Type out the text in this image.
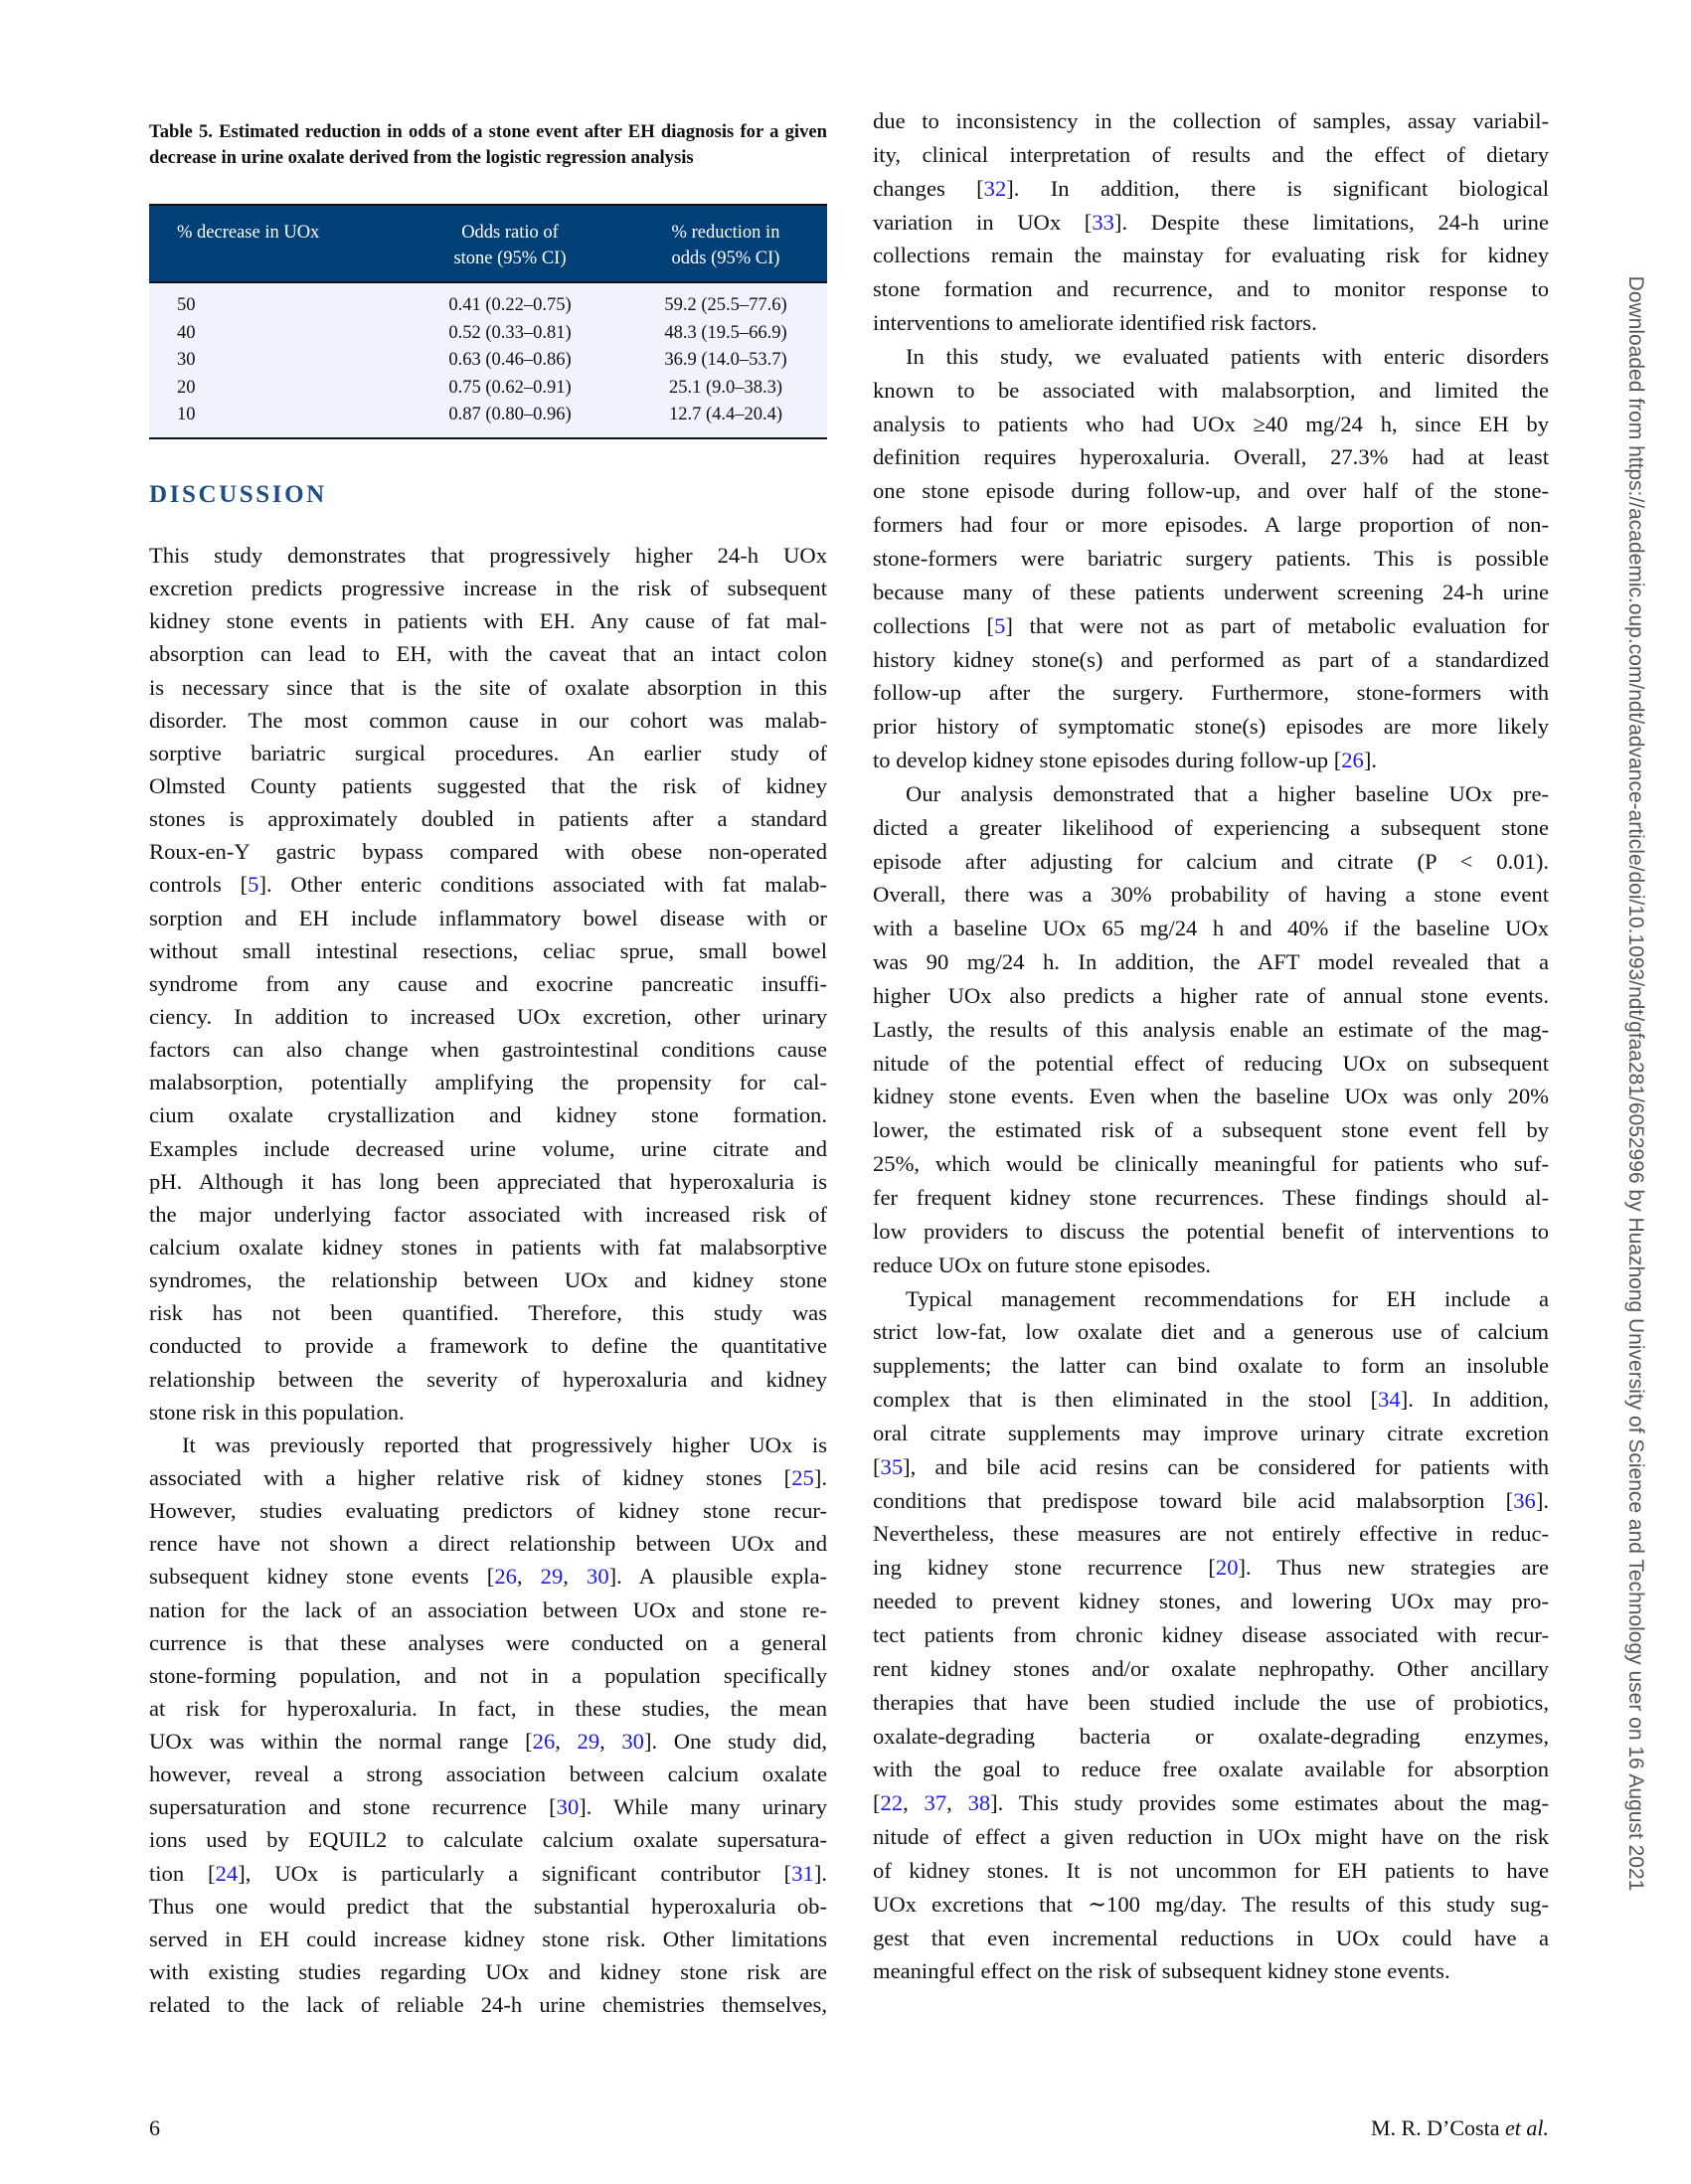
Table 5. Estimated reduction in odds of a stone event after EH diagnosis for a given decrease in urine oxalate derived from the logistic regression analysis
% decrease in UOx	Odds ratio of
stone (95% CI)	% reduction in
odds (95% CI)
50	0.41 (0.22–0.75)	59.2 (25.5–77.6)
40	0.52 (0.33–0.81)	48.3 (19.5–66.9)
30	0.63 (0.46–0.86)	36.9 (14.0–53.7)
20	0.75 (0.62–0.91)	25.1 (9.0–38.3)
10	0.87 (0.80–0.96)	12.7 (4.4–20.4)
DISCUSSION
This study demonstrates that progressively higher 24-h UOx
excretion predicts progressive increase in the risk of subsequent
kidney stone events in patients with EH. Any cause of fat mal-
absorption can lead to EH, with the caveat that an intact colon
is necessary since that is the site of oxalate absorption in this
disorder. The most common cause in our cohort was malab-
sorptive bariatric surgical procedures. An earlier study of
Olmsted County patients suggested that the risk of kidney
stones is approximately doubled in patients after a standard
Roux-en-Y gastric bypass compared with obese non-operated
controls [5]. Other enteric conditions associated with fat malab-
sorption and EH include inflammatory bowel disease with or
without small intestinal resections, celiac sprue, small bowel
syndrome from any cause and exocrine pancreatic insuffi-
ciency. In addition to increased UOx excretion, other urinary
factors can also change when gastrointestinal conditions cause
malabsorption, potentially amplifying the propensity for cal-
cium oxalate crystallization and kidney stone formation.
Examples include decreased urine volume, urine citrate and
pH. Although it has long been appreciated that hyperoxaluria is
the major underlying factor associated with increased risk of
calcium oxalate kidney stones in patients with fat malabsorptive
syndromes, the relationship between UOx and kidney stone
risk has not been quantified. Therefore, this study was
conducted to provide a framework to define the quantitative
relationship between the severity of hyperoxaluria and kidney
stone risk in this population.
It was previously reported that progressively higher UOx is
associated with a higher relative risk of kidney stones [25].
However, studies evaluating predictors of kidney stone recur-
rence have not shown a direct relationship between UOx and
subsequent kidney stone events [26, 29, 30]. A plausible expla-
nation for the lack of an association between UOx and stone re-
currence is that these analyses were conducted on a general
stone-forming population, and not in a population specifically
at risk for hyperoxaluria. In fact, in these studies, the mean
UOx was within the normal range [26, 29, 30]. One study did,
however, reveal a strong association between calcium oxalate
supersaturation and stone recurrence [30]. While many urinary
ions used by EQUIL2 to calculate calcium oxalate supersatura-
tion [24], UOx is particularly a significant contributor [31].
Thus one would predict that the substantial hyperoxaluria ob-
served in EH could increase kidney stone risk. Other limitations
with existing studies regarding UOx and kidney stone risk are
related to the lack of reliable 24-h urine chemistries themselves,
due to inconsistency in the collection of samples, assay variabil-
ity, clinical interpretation of results and the effect of dietary
changes [32]. In addition, there is significant biological
variation in UOx [33]. Despite these limitations, 24-h urine
collections remain the mainstay for evaluating risk for kidney
stone formation and recurrence, and to monitor response to
interventions to ameliorate identified risk factors.
In this study, we evaluated patients with enteric disorders
known to be associated with malabsorption, and limited the
analysis to patients who had UOx ≥40 mg/24 h, since EH by
definition requires hyperoxaluria. Overall, 27.3% had at least
one stone episode during follow-up, and over half of the stone-
formers had four or more episodes. A large proportion of non-
stone-formers were bariatric surgery patients. This is possible
because many of these patients underwent screening 24-h urine
collections [5] that were not as part of metabolic evaluation for
history kidney stone(s) and performed as part of a standardized
follow-up after the surgery. Furthermore, stone-formers with
prior history of symptomatic stone(s) episodes are more likely
to develop kidney stone episodes during follow-up [26].
Our analysis demonstrated that a higher baseline UOx pre-
dicted a greater likelihood of experiencing a subsequent stone
episode after adjusting for calcium and citrate (P < 0.01).
Overall, there was a 30% probability of having a stone event
with a baseline UOx 65 mg/24 h and 40% if the baseline UOx
was 90 mg/24 h. In addition, the AFT model revealed that a
higher UOx also predicts a higher rate of annual stone events.
Lastly, the results of this analysis enable an estimate of the mag-
nitude of the potential effect of reducing UOx on subsequent
kidney stone events. Even when the baseline UOx was only 20%
lower, the estimated risk of a subsequent stone event fell by
25%, which would be clinically meaningful for patients who suf-
fer frequent kidney stone recurrences. These findings should al-
low providers to discuss the potential benefit of interventions to
reduce UOx on future stone episodes.
Typical management recommendations for EH include a
strict low-fat, low oxalate diet and a generous use of calcium
supplements; the latter can bind oxalate to form an insoluble
complex that is then eliminated in the stool [34]. In addition,
oral citrate supplements may improve urinary citrate excretion
[35], and bile acid resins can be considered for patients with
conditions that predispose toward bile acid malabsorption [36].
Nevertheless, these measures are not entirely effective in reduc-
ing kidney stone recurrence [20]. Thus new strategies are
needed to prevent kidney stones, and lowering UOx may pro-
tect patients from chronic kidney disease associated with recur-
rent kidney stones and/or oxalate nephropathy. Other ancillary
therapies that have been studied include the use of probiotics,
oxalate-degrading bacteria or oxalate-degrading enzymes,
with the goal to reduce free oxalate available for absorption
[22, 37, 38]. This study provides some estimates about the mag-
nitude of effect a given reduction in UOx might have on the risk
of kidney stones. It is not uncommon for EH patients to have
UOx excretions that ∼100 mg/day. The results of this study sug-
gest that even incremental reductions in UOx could have a
meaningful effect on the risk of subsequent kidney stone events.
6	M. R. D’Costa et al.
Downloaded from https://academic.oup.com/ndt/advance-article/doi/10.1093/ndt/gfaa281/6052996 by Huazhong University of Science and Technology user on 16 August 2021
